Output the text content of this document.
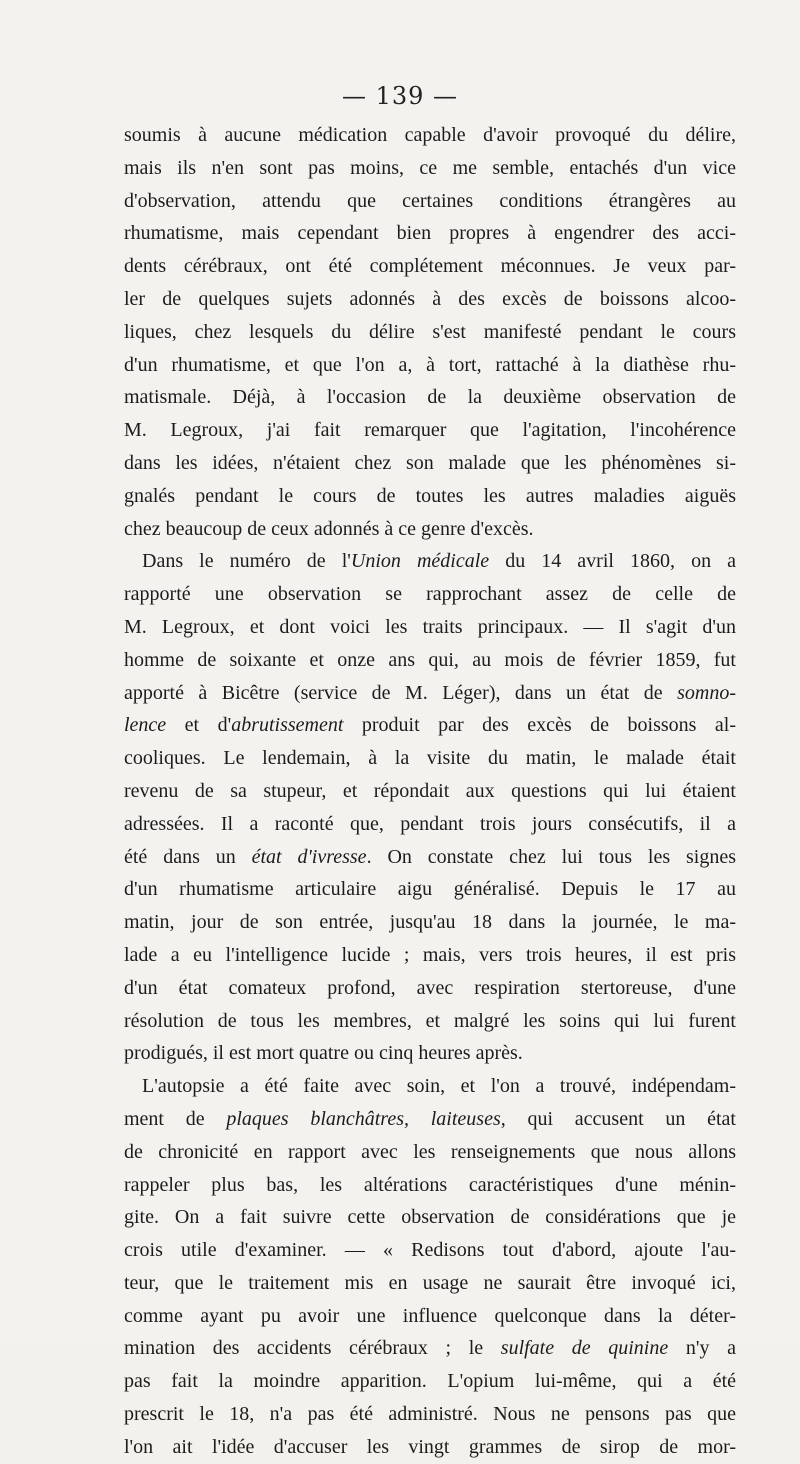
— 139 —
soumis à aucune médication capable d'avoir provoqué du délire,
mais ils n'en sont pas moins, ce me semble, entachés d'un vice
d'observation, attendu que certaines conditions étrangères au
rhumatisme, mais cependant bien propres à engendrer des acci-
dents cérébraux, ont été complétement méconnues. Je veux par-
ler de quelques sujets adonnés à des excès de boissons alcoo-
liques, chez lesquels du délire s'est manifesté pendant le cours
d'un rhumatisme, et que l'on a, à tort, rattaché à la diathèse rhu-
matismale. Déjà, à l'occasion de la deuxième observation de
M. Legroux, j'ai fait remarquer que l'agitation, l'incohérence
dans les idées, n'étaient chez son malade que les phénomènes si-
gnalés pendant le cours de toutes les autres maladies aiguës
chez beaucoup de ceux adonnés à ce genre d'excès.
Dans le numéro de l'Union médicale du 14 avril 1860, on a
rapporté une observation se rapprochant assez de celle de
M. Legroux, et dont voici les traits principaux. — Il s'agit d'un
homme de soixante et onze ans qui, au mois de février 1859, fut
apporté à Bicêtre (service de M. Léger), dans un état de somno-
lence et d'abrutissement produit par des excès de boissons al-
cooliques. Le lendemain, à la visite du matin, le malade était
revenu de sa stupeur, et répondait aux questions qui lui étaient
adressées. Il a raconté que, pendant trois jours consécutifs, il a
été dans un état d'ivresse. On constate chez lui tous les signes
d'un rhumatisme articulaire aigu généralisé. Depuis le 17 au
matin, jour de son entrée, jusqu'au 18 dans la journée, le ma-
lade a eu l'intelligence lucide ; mais, vers trois heures, il est pris
d'un état comateux profond, avec respiration stertoreuse, d'une
résolution de tous les membres, et malgré les soins qui lui furent
prodigués, il est mort quatre ou cinq heures après.
L'autopsie a été faite avec soin, et l'on a trouvé, indépendam-
ment de plaques blanchâtres, laiteuses, qui accusent un état
de chronicité en rapport avec les renseignements que nous allons
rappeler plus bas, les altérations caractéristiques d'une ménin-
gite. On a fait suivre cette observation de considérations que je
crois utile d'examiner. — « Redisons tout d'abord, ajoute l'au-
teur, que le traitement mis en usage ne saurait être invoqué ici,
comme ayant pu avoir une influence quelconque dans la déter-
mination des accidents cérébraux ; le sulfate de quinine n'y a
pas fait la moindre apparition. L'opium lui-même, qui a été
prescrit le 18, n'a pas été administré. Nous ne pensons pas que
l'on ait l'idée d'accuser les vingt grammes de sirop de mor-
